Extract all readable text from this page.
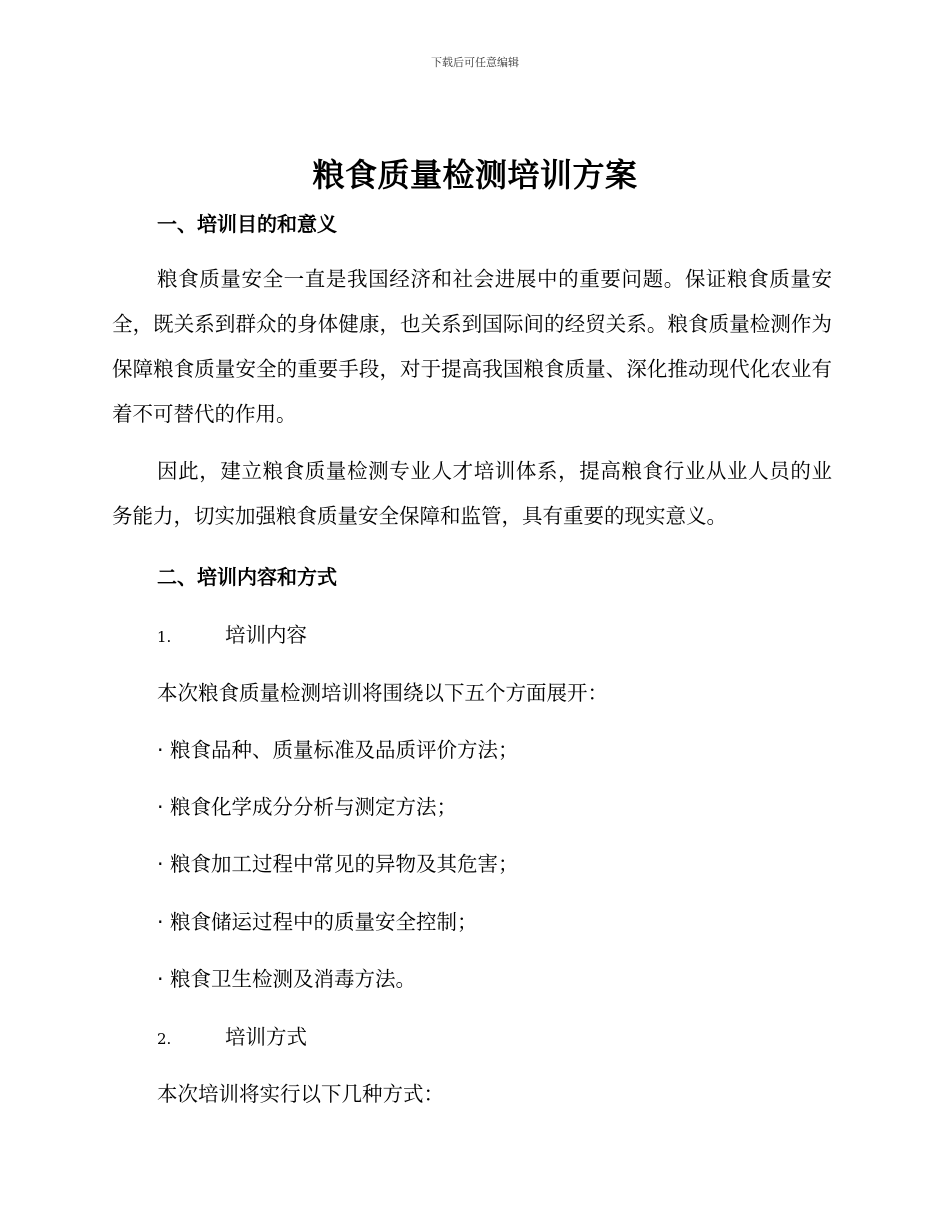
下载后可任意编辑
粮食质量检测培训方案
一、培训目的和意义
粮食质量安全一直是我国经济和社会进展中的重要问题。保证粮食质量安全，既关系到群众的身体健康，也关系到国际间的经贸关系。粮食质量检测作为保障粮食质量安全的重要手段，对于提高我国粮食质量、深化推动现代化农业有着不可替代的作用。
因此，建立粮食质量检测专业人才培训体系，提高粮食行业从业人员的业务能力，切实加强粮食质量安全保障和监管，具有重要的现实意义。
二、培训内容和方式
1.	培训内容
本次粮食质量检测培训将围绕以下五个方面展开：
· 粮食品种、质量标准及品质评价方法；
· 粮食化学成分分析与测定方法；
· 粮食加工过程中常见的异物及其危害；
· 粮食储运过程中的质量安全控制；
· 粮食卫生检测及消毒方法。
2.	培训方式
本次培训将实行以下几种方式：
